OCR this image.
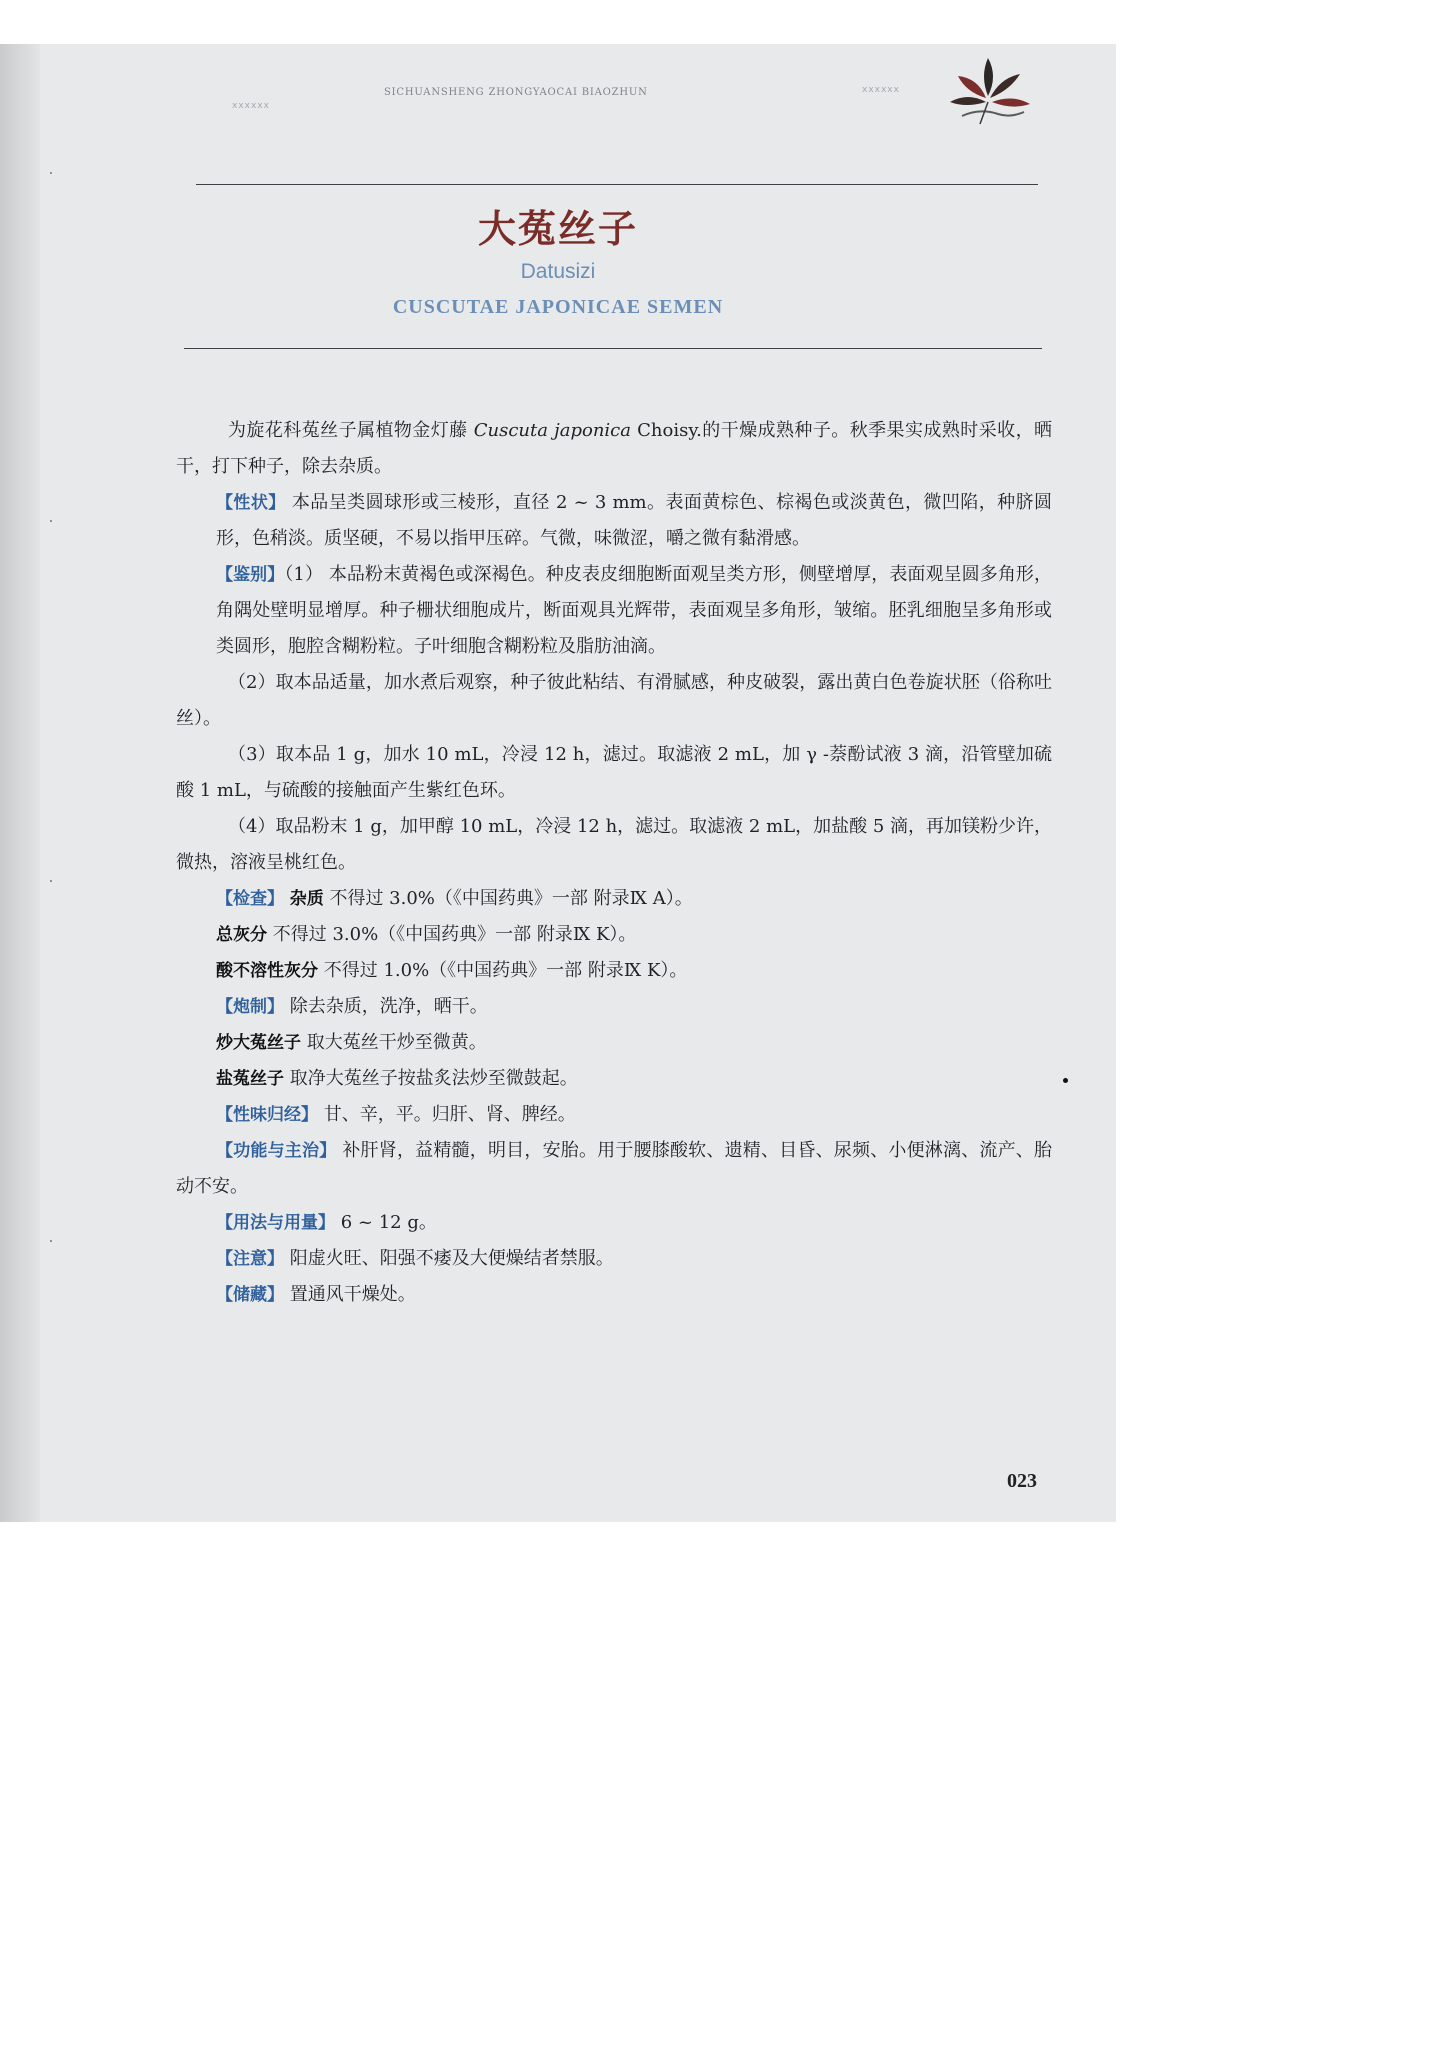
xxxxxx
SICHUANSHENG ZHONGYAOCAI BIAOZHUN	xxxxxx
大菟丝子
Datusizi
CUSCUTAE JAPONICAE SEMEN

为旋花科菟丝子属植物金灯藤 Cuscuta japonica Choisy.的干燥成熟种子。秋季果实成熟时采收，晒干，打下种子，除去杂质。

【性状】 本品呈类圆球形或三棱形，直径 2 ~ 3 mm。表面黄棕色、棕褐色或淡黄色，微凹陷，种脐圆形，色稍淡。质坚硬，不易以指甲压碎。气微，味微涩，嚼之微有黏滑感。

【鉴别】（1） 本品粉末黄褐色或深褐色。种皮表皮细胞断面观呈类方形，侧壁增厚，表面观呈圆多角形，角隅处壁明显增厚。种子栅状细胞成片，断面观具光辉带，表面观呈多角形，皱缩。胚乳细胞呈多角形或类圆形，胞腔含糊粉粒。子叶细胞含糊粉粒及脂肪油滴。

（2）取本品适量，加水煮后观察，种子彼此粘结、有滑腻感，种皮破裂，露出黄白色卷旋状胚（俗称吐丝）。

（3）取本品 1 g，加水 10 mL，冷浸 12 h，滤过。取滤液 2 mL，加 γ -萘酚试液 3 滴，沿管壁加硫酸 1 mL，与硫酸的接触面产生紫红色环。

（4）取品粉末 1 g，加甲醇 10 mL，冷浸 12 h，滤过。取滤液 2 mL，加盐酸 5 滴，再加镁粉少许，微热，溶液呈桃红色。

【检查】 杂质 不得过 3.0%（《中国药典》一部 附录Ⅸ A）。

总灰分 不得过 3.0%（《中国药典》一部 附录Ⅸ K）。

酸不溶性灰分 不得过 1.0%（《中国药典》一部 附录Ⅸ K）。

【炮制】 除去杂质，洗净，晒干。

炒大菟丝子 取大菟丝干炒至微黄。

盐菟丝子 取净大菟丝子按盐炙法炒至微鼓起。

【性味归经】 甘、辛，平。归肝、肾、脾经。

【功能与主治】 补肝肾，益精髓，明目，安胎。用于腰膝酸软、遗精、目昏、尿频、小便淋漓、流产、胎动不安。

【用法与用量】 6 ~ 12 g。

【注意】 阳虚火旺、阳强不痿及大便燥结者禁服。

【储藏】 置通风干燥处。

023
